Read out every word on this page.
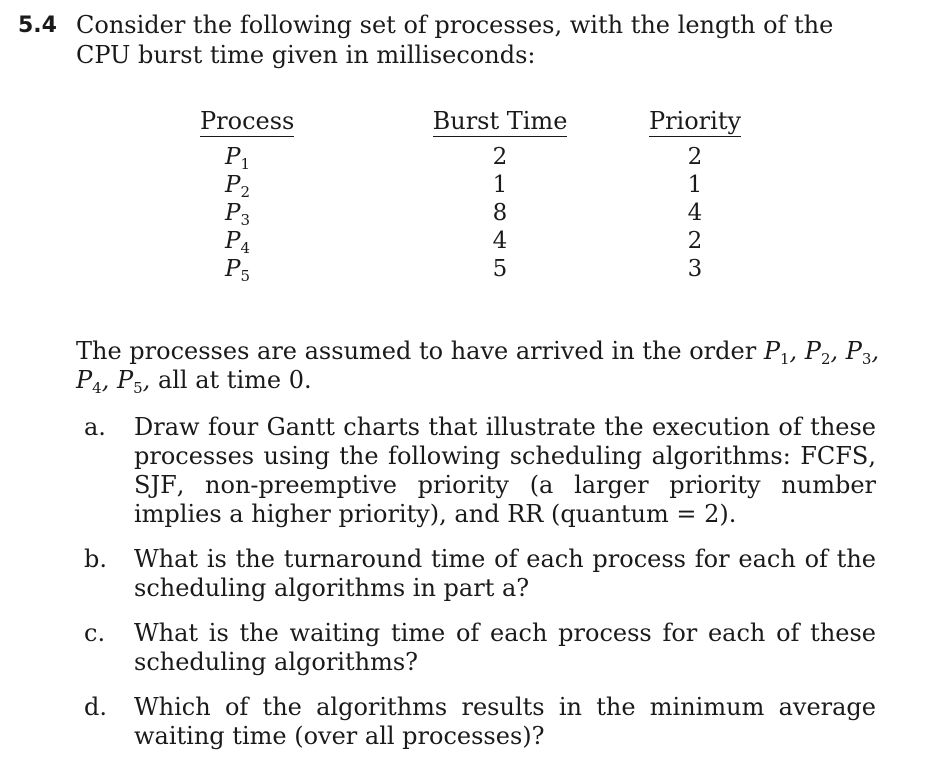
5.4 Consider the following set of processes, with the length of the CPU burst time given in milliseconds:
Process	Burst Time	Priority
$P_1$	2	2
$P_2$	1	1
$P_3$	8	4
$P_4$	4	2
$P_5$	5	3
The processes are assumed to have arrived in the order $P_1$, $P_2$, $P_3$, $P_4$, $P_5$, all at time 0.
a.	Draw four Gantt charts that illustrate the execution of these processes using the following scheduling algorithms: FCFS, SJF, non-preemptive priority (a larger priority number implies a higher priority), and RR (quantum = 2).
b.	What is the turnaround time of each process for each of the scheduling algorithms in part a?
c.	What is the waiting time of each process for each of these scheduling algorithms?
d.	Which of the algorithms results in the minimum average waiting time (over all processes)?
